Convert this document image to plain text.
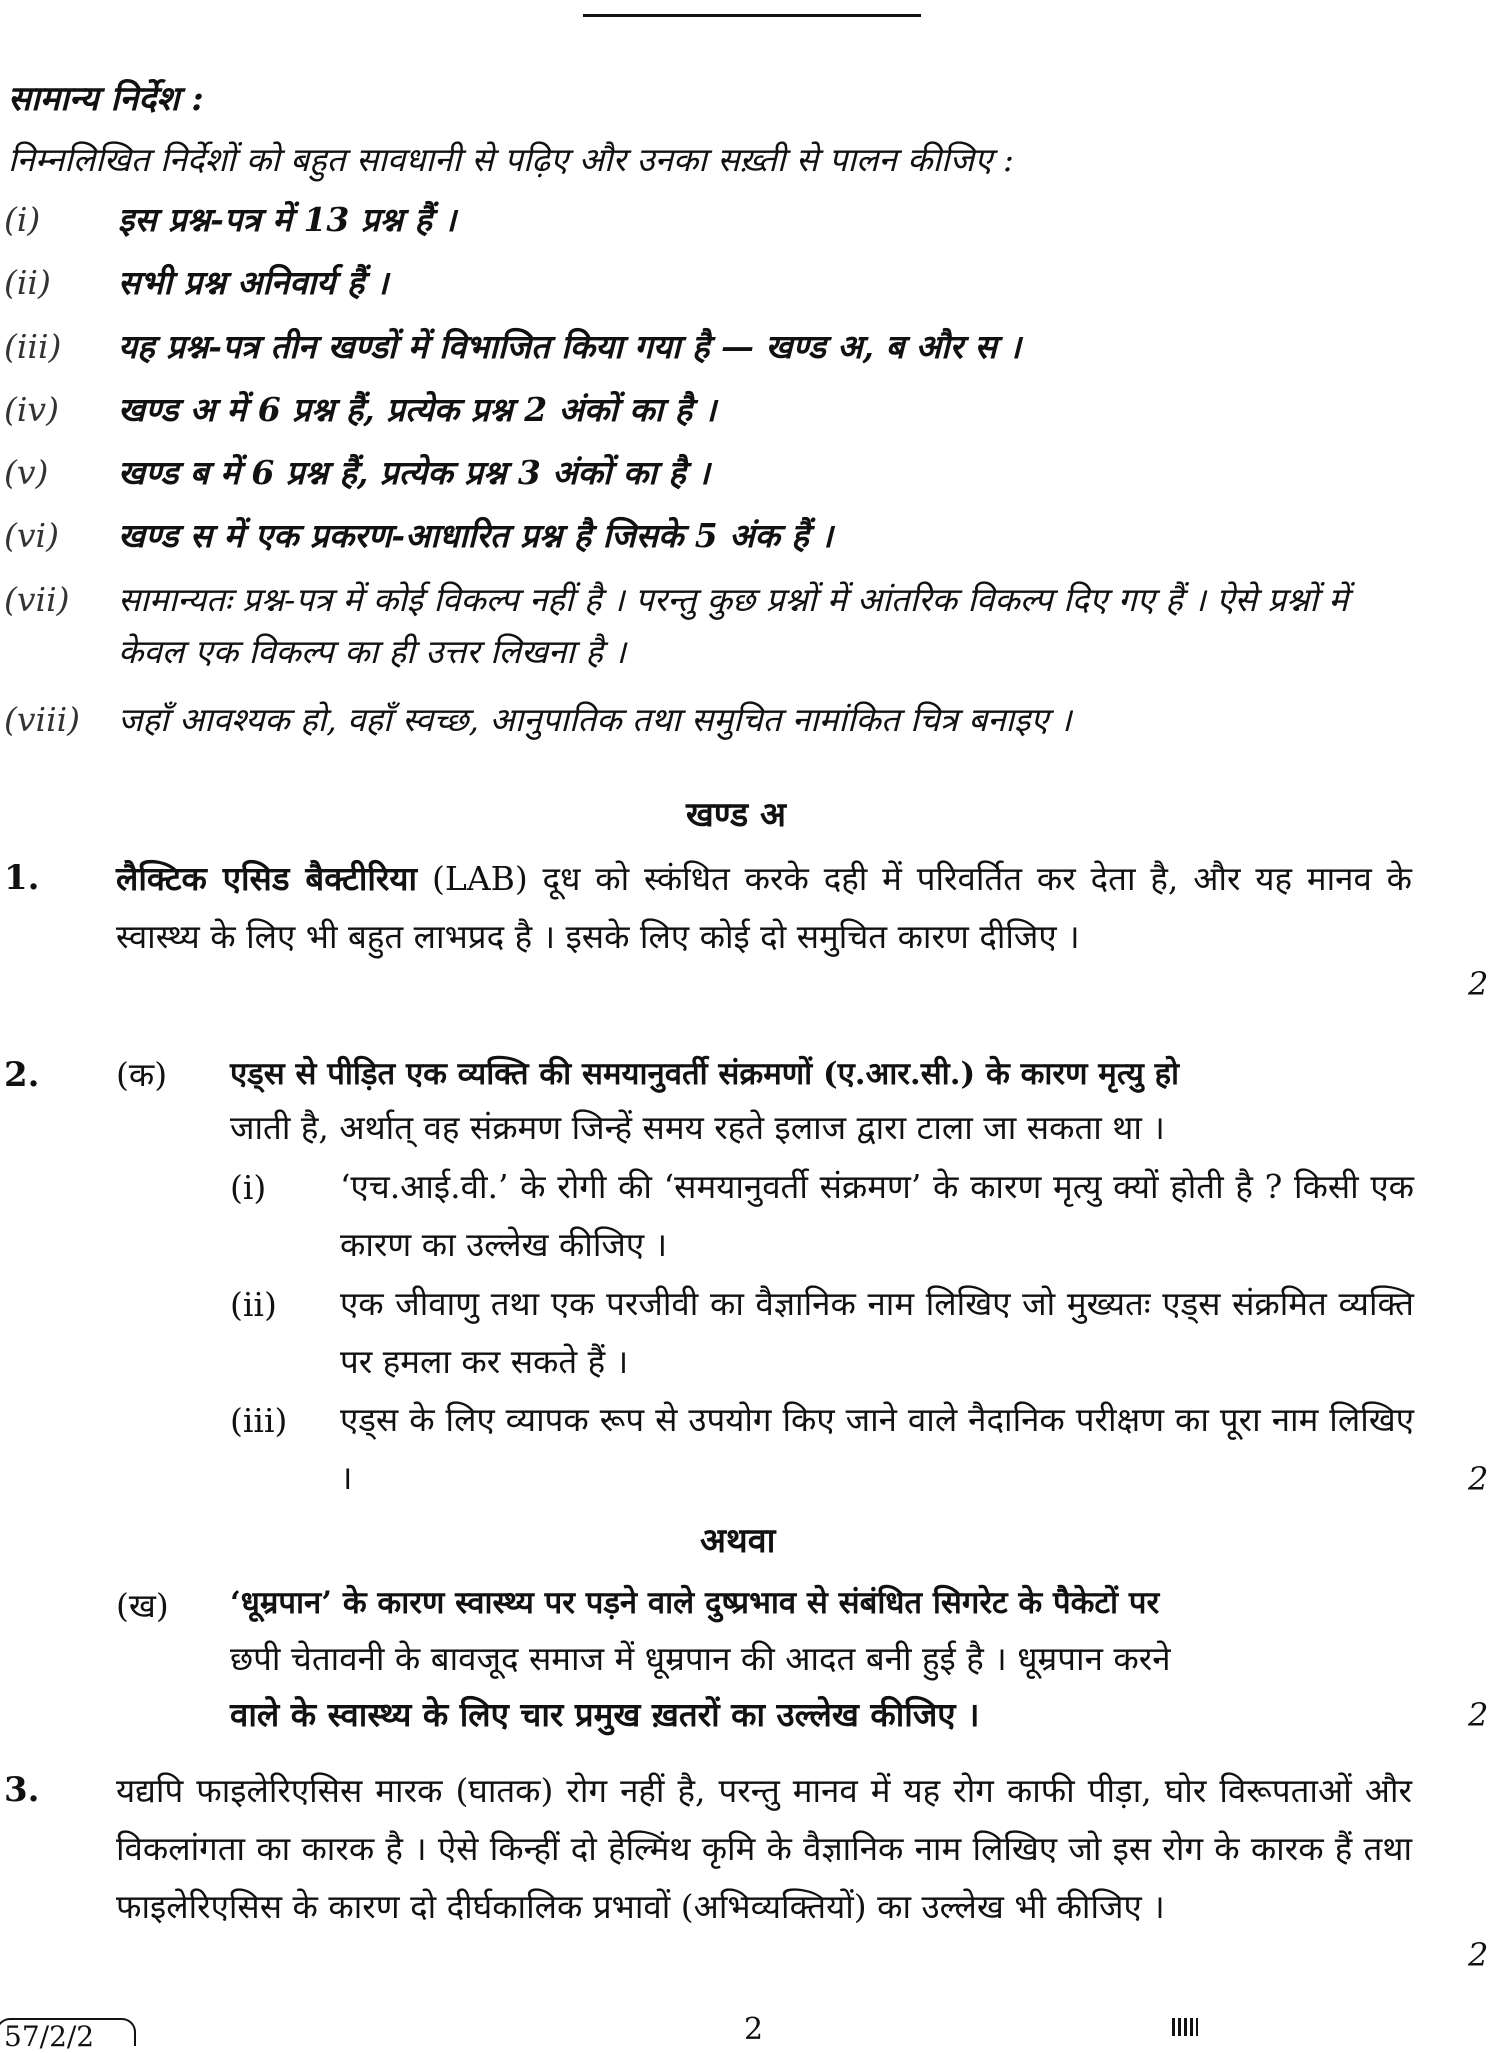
सामान्य निर्देश :
निम्नलिखित निर्देशों को बहुत सावधानी से पढ़िए और उनका सख़्ती से पालन कीजिए :
(i) इस प्रश्न-पत्र में 13 प्रश्न हैं ।
(ii) सभी प्रश्न अनिवार्य हैं ।
(iii) यह प्रश्न-पत्र तीन खण्डों में विभाजित किया गया है — खण्ड अ, ब और स ।
(iv) खण्ड अ में 6 प्रश्न हैं, प्रत्येक प्रश्न 2 अंकों का है ।
(v) खण्ड ब में 6 प्रश्न हैं, प्रत्येक प्रश्न 3 अंकों का है ।
(vi) खण्ड स में एक प्रकरण-आधारित प्रश्न है जिसके 5 अंक हैं ।
(vii) सामान्यतः प्रश्न-पत्र में कोई विकल्प नहीं है । परन्तु कुछ प्रश्नों में आंतरिक विकल्प दिए गए हैं । ऐसे प्रश्नों में केवल एक विकल्प का ही उत्तर लिखना है ।
(viii) जहाँ आवश्यक हो, वहाँ स्वच्छ, आनुपातिक तथा समुचित नामांकित चित्र बनाइए ।
खण्ड अ
1. लैक्टिक एसिड बैक्टीरिया (LAB) दूध को स्कंधित करके दही में परिवर्तित कर देता है, और यह मानव के स्वास्थ्य के लिए भी बहुत लाभप्रद है । इसके लिए कोई दो समुचित कारण दीजिए ।
2
2. (क) एड्स से पीड़ित एक व्यक्ति की समयानुवर्ती संक्रमणों (ए.आर.सी.) के कारण मृत्यु हो
जाती है, अर्थात् वह संक्रमण जिन्हें समय रहते इलाज द्वारा टाला जा सकता था ।
(i) ‘एच.आई.वी.’ के रोगी की ‘समयानुवर्ती संक्रमण’ के कारण मृत्यु क्यों होती है ? किसी एक कारण का उल्लेख कीजिए ।
(ii) एक जीवाणु तथा एक परजीवी का वैज्ञानिक नाम लिखिए जो मुख्यतः एड्स संक्रमित व्यक्ति पर हमला कर सकते हैं ।
(iii) एड्स के लिए व्यापक रूप से उपयोग किए जाने वाले नैदानिक परीक्षण का पूरा नाम लिखिए ।	2
अथवा
(ख) ‘धूम्रपान’ के कारण स्वास्थ्य पर पड़ने वाले दुष्प्रभाव से संबंधित सिगरेट के पैकेटों पर
छपी चेतावनी के बावजूद समाज में धूम्रपान की आदत बनी हुई है । धूम्रपान करने
वाले के स्वास्थ्य के लिए चार प्रमुख ख़तरों का उल्लेख कीजिए ।	2
3. यद्यपि फाइलेरिएसिस मारक (घातक) रोग नहीं है, परन्तु मानव में यह रोग काफी पीड़ा, घोर विरूपताओं और विकलांगता का कारक है । ऐसे किन्हीं दो हेल्मिंथ कृमि के वैज्ञानिक नाम लिखिए जो इस रोग के कारक हैं तथा फाइलेरिएसिस के कारण दो दीर्घकालिक प्रभावों (अभिव्यक्तियों) का उल्लेख भी कीजिए ।
2
57/2/2	2
